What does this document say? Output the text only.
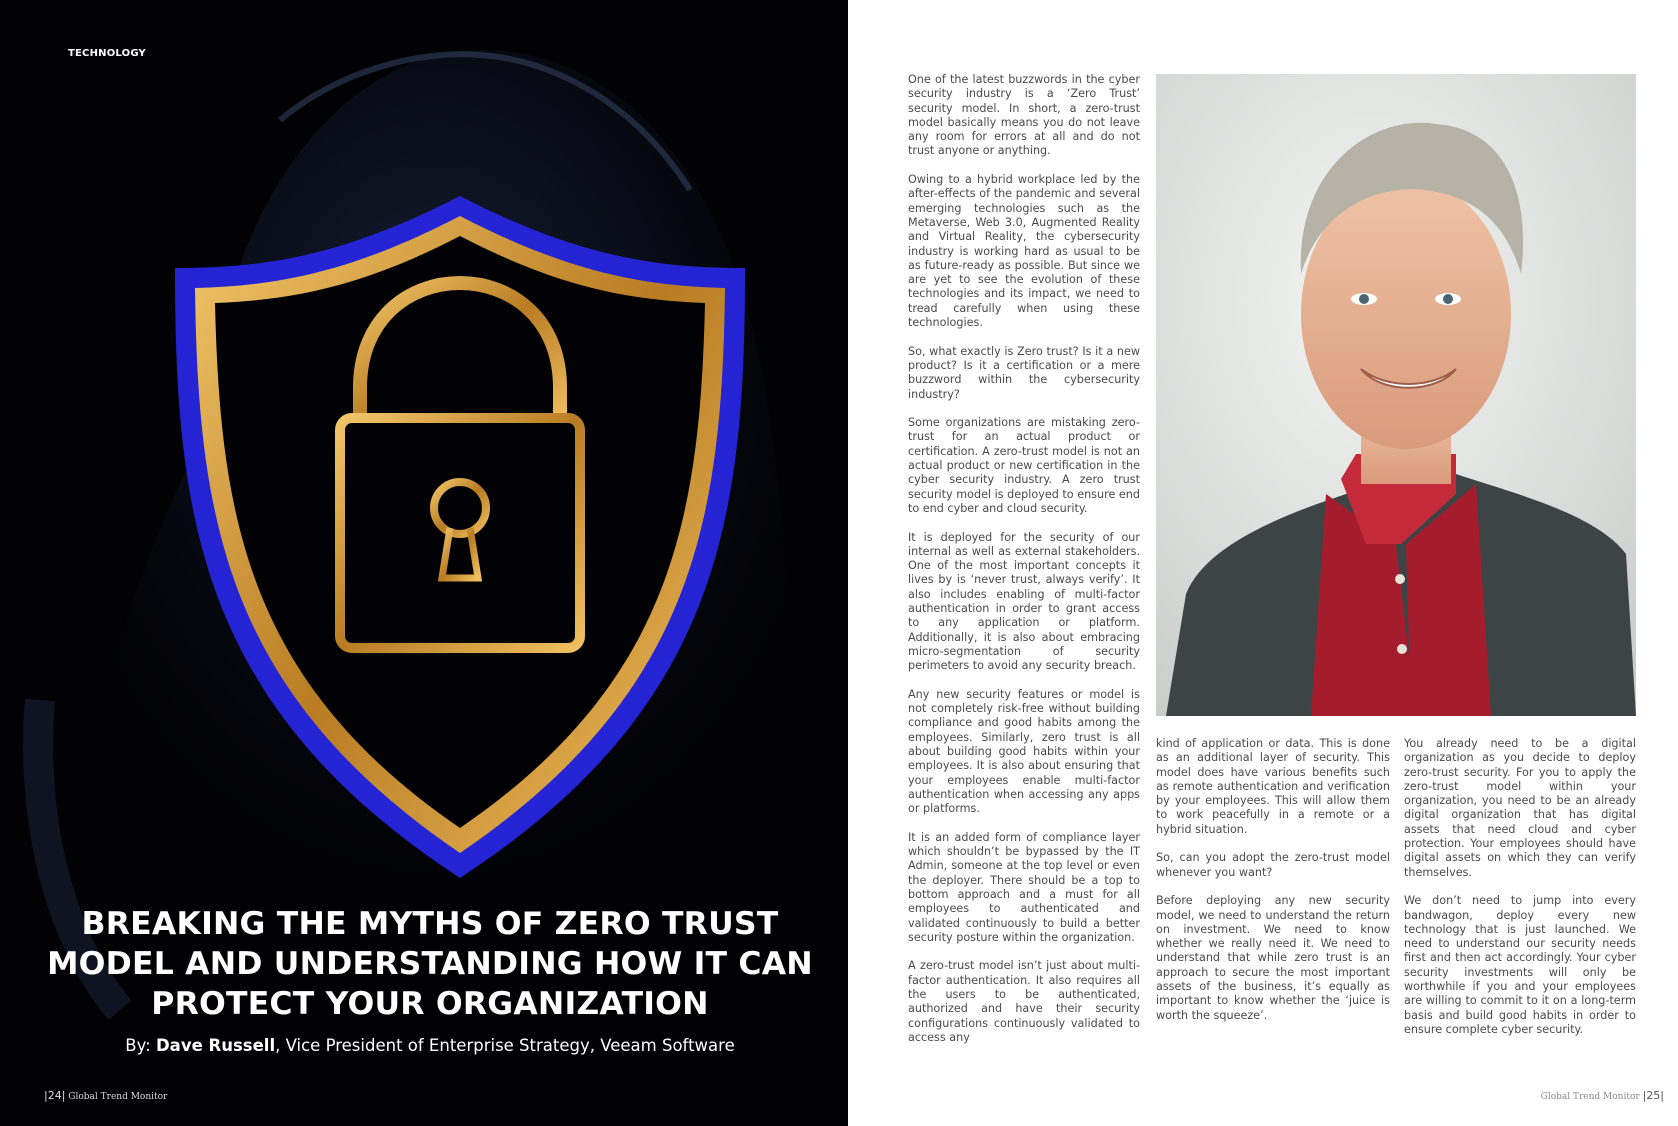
TECHNOLOGY
BREAKING THE MYTHS OF ZERO TRUST
MODEL AND UNDERSTANDING HOW IT CAN
PROTECT YOUR ORGANIZATION
By: Dave Russell, Vice President of Enterprise Strategy, Veeam Software
|24| Global Trend Monitor

One of the latest buzzwords in the cyber security industry is a ‘Zero Trust’ security model. In short, a zero-trust model basically means you do not leave any room for errors at all and do not trust anyone or anything.

Owing to a hybrid workplace led by the after-effects of the pandemic and several emerging technologies such as the Metaverse, Web 3.0, Augmented Reality and Virtual Reality, the cybersecurity industry is working hard as usual to be as future-ready as possible. But since we are yet to see the evolution of these technologies and its impact, we need to tread carefully when using these technologies.

So, what exactly is Zero trust? Is it a new product? Is it a certification or a mere buzzword within the cybersecurity industry?

Some organizations are mistaking zero-trust for an actual product or certification. A zero-trust model is not an actual product or new certification in the cyber security industry. A zero trust security model is deployed to ensure end to end cyber and cloud security.

It is deployed for the security of our internal as well as external stakeholders. One of the most important concepts it lives by is ‘never trust, always verify’. It also includes enabling of multi-factor authentication in order to grant access to any application or platform. Additionally, it is also about embracing micro-segmentation of security perimeters to avoid any security breach.

Any new security features or model is not completely risk-free without building compliance and good habits among the employees. Similarly, zero trust is all about building good habits within your employees. It is also about ensuring that your employees enable multi-factor authentication when accessing any apps or platforms.

It is an added form of compliance layer which shouldn’t be bypassed by the IT Admin, someone at the top level or even the deployer. There should be a top to bottom approach and a must for all employees to authenticated and validated continuously to build a better security posture within the organization.

A zero-trust model isn’t just about multi-factor authentication. It also requires all the users to be authenticated, authorized and have their security configurations continuously validated to access any

kind of application or data. This is done as an additional layer of security. This model does have various benefits such as remote authentication and verification by your employees. This will allow them to work peacefully in a remote or a hybrid situation.

So, can you adopt the zero-trust model whenever you want?

Before deploying any new security model, we need to understand the return on investment. We need to know whether we really need it. We need to understand that while zero trust is an approach to secure the most important assets of the business, it’s equally as important to know whether the ‘juice is worth the squeeze’.

You already need to be a digital organization as you decide to deploy zero-trust security. For you to apply the zero-trust model within your organization, you need to be an already digital organization that has digital assets that need cloud and cyber protection. Your employees should have digital assets on which they can verify themselves.

We don’t need to jump into every bandwagon, deploy every new technology that is just launched. We need to understand our security needs first and then act accordingly. Your cyber security investments will only be worthwhile if you and your employees are willing to commit to it on a long-term basis and build good habits in order to ensure complete cyber security.

Global Trend Monitor |25|
